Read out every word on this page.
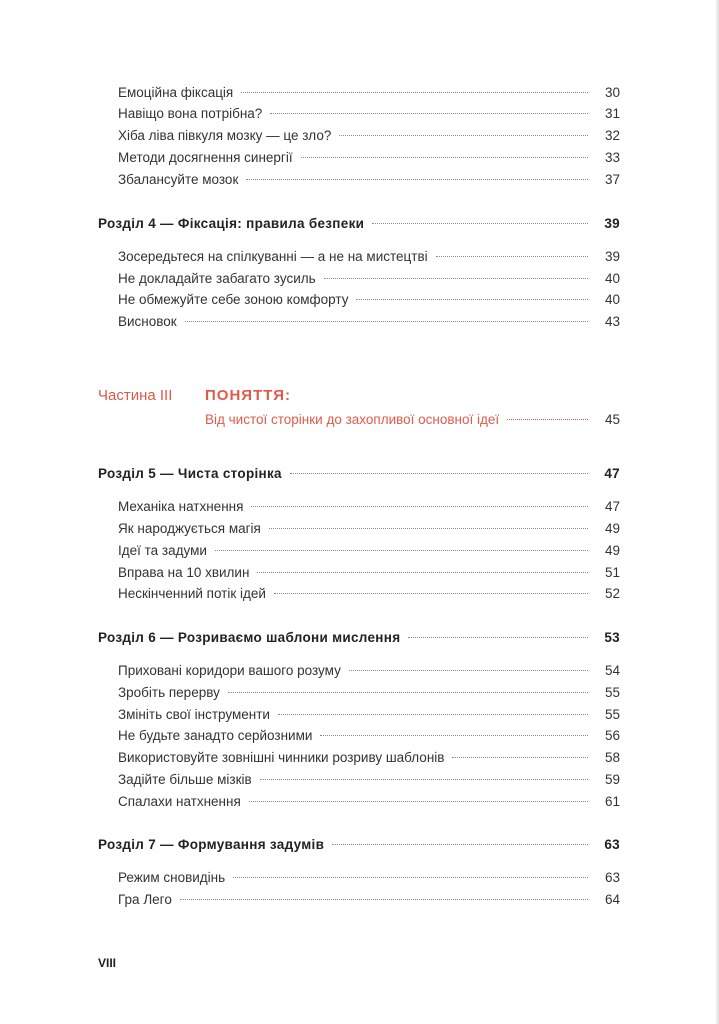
Емоційна фіксація	30
Навіщо вона потрібна?	31
Хіба ліва півкуля мозку — це зло?	32
Методи досягнення синергії	33
Збалансуйте мозок	37
Розділ 4 — Фіксація: правила безпеки	39
Зосередьтеся на спілкуванні — а не на мистецтві	39
Не докладайте забагато зусиль	40
Не обмежуйте себе зоною комфорту	40
Висновок	43
Частина III ПОНЯТТЯ:
Від чистої сторінки до захопливої основної ідеї	45
Розділ 5 — Чиста сторінка	47
Механіка натхнення	47
Як народжується магія	49
Ідеї та задуми	49
Вправа на 10 хвилин	51
Нескінченний потік ідей	52
Розділ 6 — Розриваємо шаблони мислення	53
Приховані коридори вашого розуму	54
Зробіть перерву	55
Змініть свої інструменти	55
Не будьте занадто серйозними	56
Використовуйте зовнішні чинники розриву шаблонів	58
Задійте більше мізків	59
Спалахи натхнення	61
Розділ 7 — Формування задумів	63
Режим сновидінь	63
Гра Лего	64
VIII
